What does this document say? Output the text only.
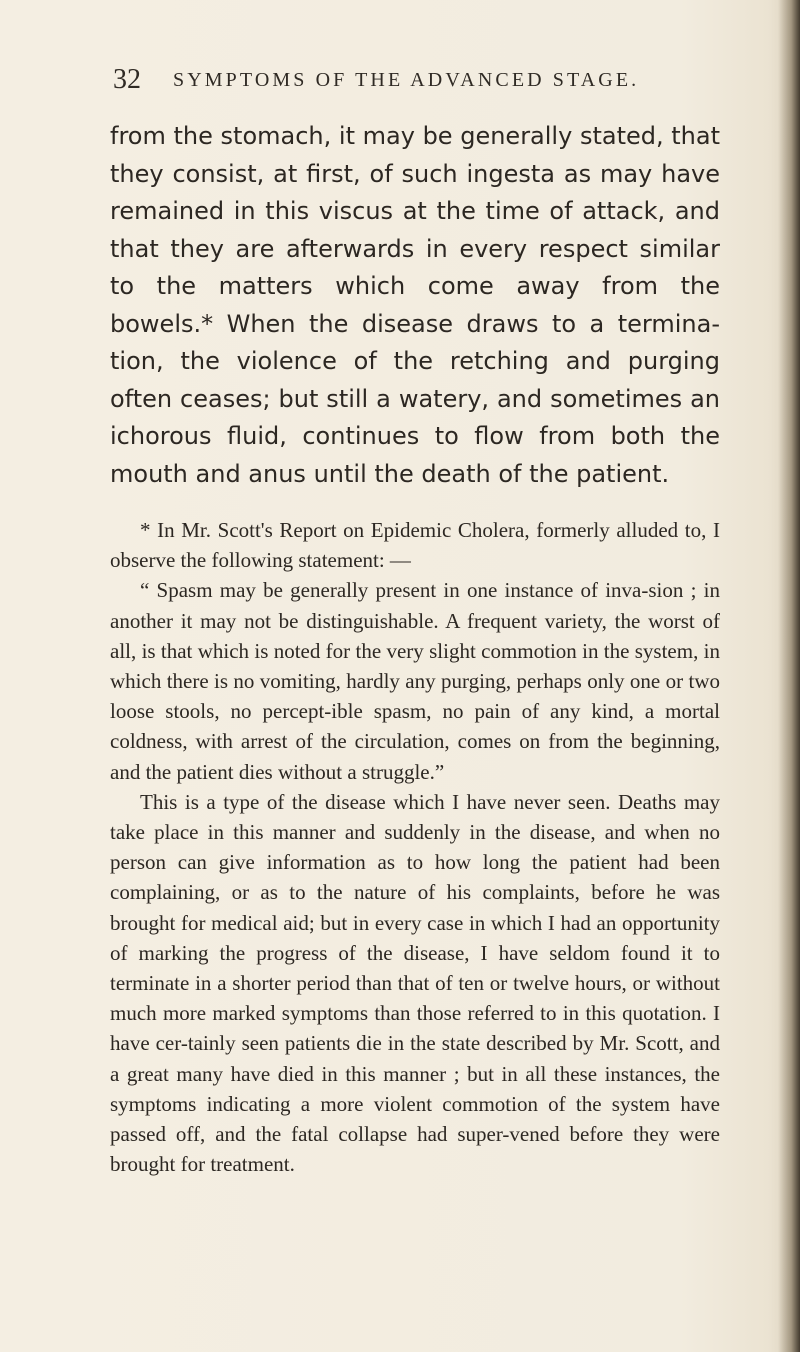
32 SYMPTOMS OF THE ADVANCED STAGE.

from the stomach, it may be generally stated, that they consist, at first, of such ingesta as may have remained in this viscus at the time of attack, and that they are afterwards in every respect similar to the matters which come away from the bowels.* When the disease draws to a termina-tion, the violence of the retching and purging often ceases; but still a watery, and sometimes an ichorous fluid, continues to flow from both the mouth and anus until the death of the patient.

* In Mr. Scott's Report on Epidemic Cholera, formerly alluded to, I observe the following statement: —

“ Spasm may be generally present in one instance of inva-sion ; in another it may not be distinguishable. A frequent variety, the worst of all, is that which is noted for the very slight commotion in the system, in which there is no vomiting, hardly any purging, perhaps only one or two loose stools, no percept-ible spasm, no pain of any kind, a mortal coldness, with arrest of the circulation, comes on from the beginning, and the patient dies without a struggle.”

This is a type of the disease which I have never seen. Deaths may take place in this manner and suddenly in the disease, and when no person can give information as to how long the patient had been complaining, or as to the nature of his complaints, before he was brought for medical aid; but in every case in which I had an opportunity of marking the progress of the disease, I have seldom found it to terminate in a shorter period than that of ten or twelve hours, or without much more marked symptoms than those referred to in this quotation. I have cer-tainly seen patients die in the state described by Mr. Scott, and a great many have died in this manner ; but in all these instances, the symptoms indicating a more violent commotion of the system have passed off, and the fatal collapse had super-vened before they were brought for treatment.
